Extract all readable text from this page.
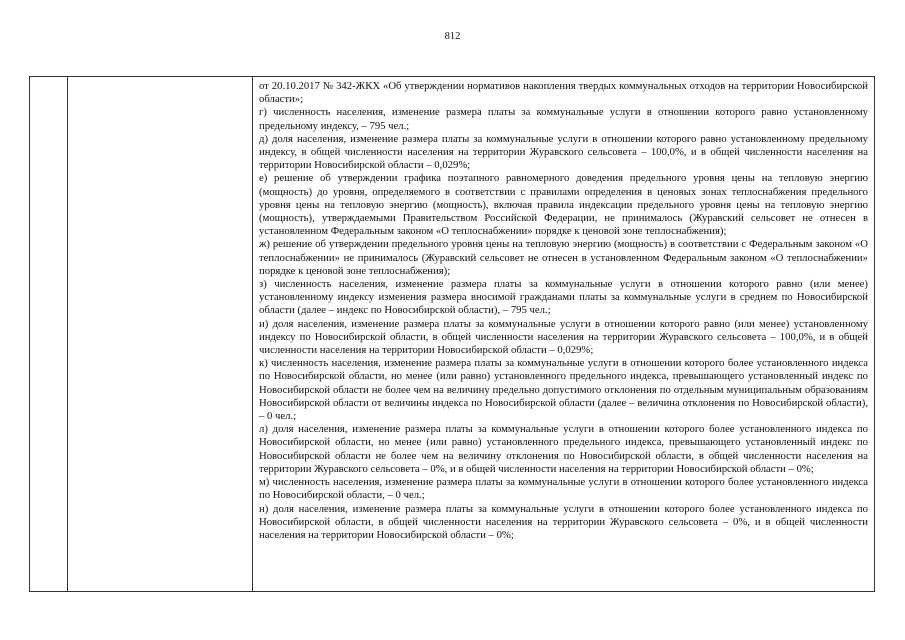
812

от 20.10.2017 № 342-ЖКХ «Об утверждении нормативов накопления твердых коммунальных отходов на территории Новосибирской области»;

г) численность населения, изменение размера платы за коммунальные услуги в отношении которого равно установленному предельному индексу, – 795 чел.;

д) доля населения, изменение размера платы за коммунальные услуги в отношении которого равно установленному предельному индексу, в общей численности населения на территории Журавского сельсовета – 100,0%, и в общей численности населения на территории Новосибирской области – 0,029%;

е) решение об утверждении графика поэтапного равномерного доведения предельного уровня цены на тепловую энергию (мощность) до уровня, определяемого в соответствии с правилами определения в ценовых зонах теплоснабжения предельного уровня цены на тепловую энергию (мощность), включая правила индексации предельного уровня цены на тепловую энергию (мощность), утверждаемыми Правительством Российской Федерации, не принималось (Журавский сельсовет не отнесен в установленном Федеральным законом «О теплоснабжении» порядке к ценовой зоне теплоснабжения);

ж) решение об утверждении предельного уровня цены на тепловую энергию (мощность) в соответствии с Федеральным законом «О теплоснабжении» не принималось (Журавский сельсовет не отнесен в установленном Федеральным законом «О теплоснабжении» порядке к ценовой зоне теплоснабжения);

з) численность населения, изменение размера платы за коммунальные услуги в отношении которого равно (или менее) установленному индексу изменения размера вносимой гражданами платы за коммунальные услуги в среднем по Новосибирской области (далее – индекс по Новосибирской области), – 795 чел.;

и) доля населения, изменение размера платы за коммунальные услуги в отношении которого равно (или менее) установленному индексу по Новосибирской области, в общей численности населения на территории Журавского сельсовета – 100,0%, и в общей численности населения на территории Новосибирской области – 0,029%;

к) численность населения, изменение размера платы за коммунальные услуги в отношении которого более установленного индекса по Новосибирской области, но менее (или равно) установленного предельного индекса, превышающего установленный индекс по Новосибирской области не более чем на величину предельно допустимого отклонения по отдельным муниципальным образованиям Новосибирской области от величины индекса по Новосибирской области (далее – величина отклонения по Новосибирской области), – 0 чел.;

л) доля населения, изменение размера платы за коммунальные услуги в отношении которого более установленного индекса по Новосибирской области, но менее (или равно) установленного предельного индекса, превышающего установленный индекс по Новосибирской области не более чем на величину отклонения по Новосибирской области, в общей численности населения на территории Журавского сельсовета – 0%, и в общей численности населения на территории Новосибирской области – 0%;

м) численность населения, изменение размера платы за коммунальные услуги в отношении которого более установленного индекса по Новосибирской области, – 0 чел.;

н) доля населения, изменение размера платы за коммунальные услуги в отношении которого более установленного индекса по Новосибирской области, в общей численности населения на территории Журавского сельсовета – 0%, и в общей численности населения на территории Новосибирской области – 0%;
